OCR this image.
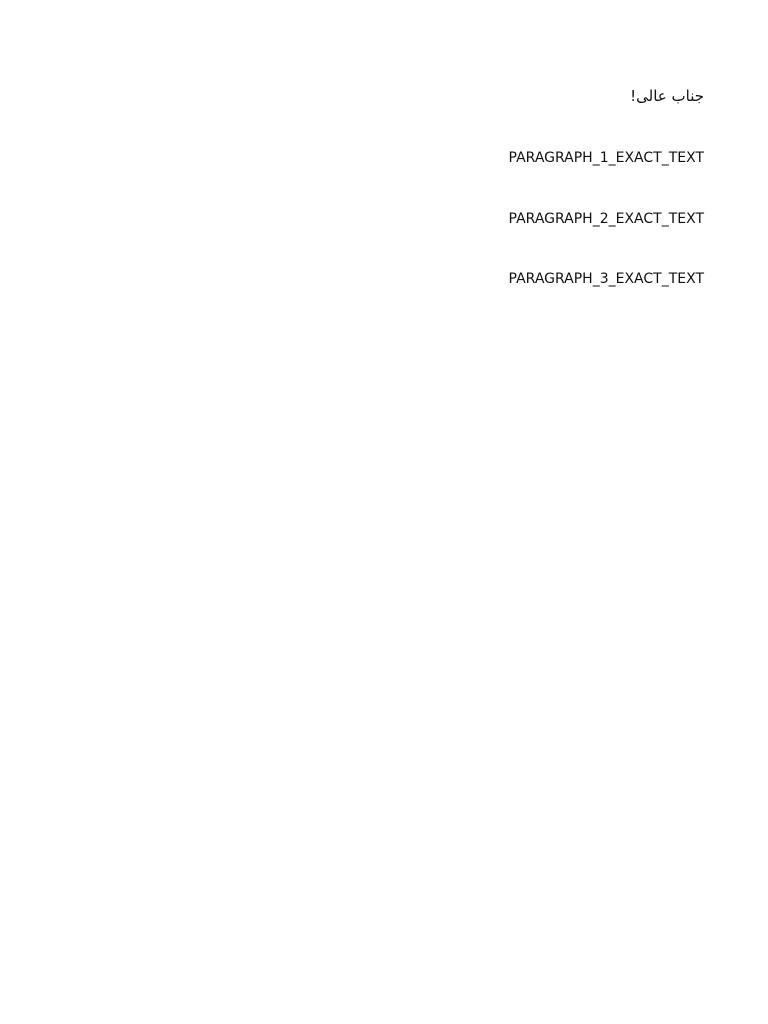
جناب عالی!

PARAGRAPH_1_EXACT_TEXT

PARAGRAPH_2_EXACT_TEXT

PARAGRAPH_3_EXACT_TEXT
